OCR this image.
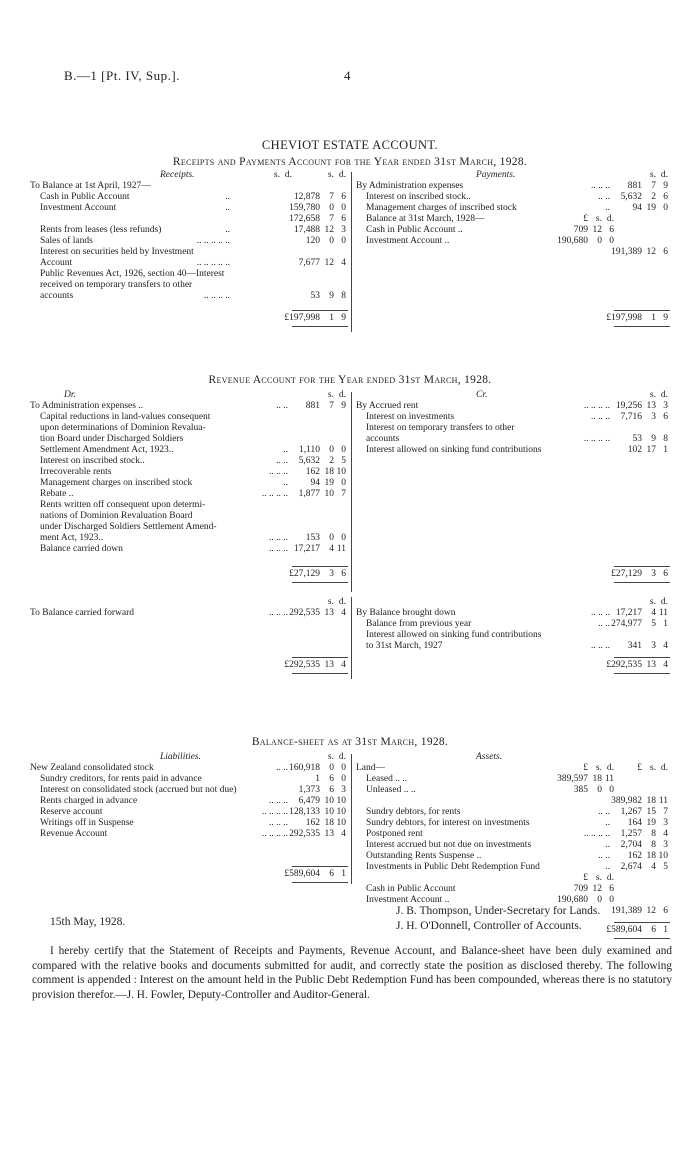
B.—1 [Pt. IV, Sup.].	4
CHEVIOT ESTATE ACCOUNT.
Receipts and Payments Account for the Year ended 31st March, 1928.
Receipts.	s. d.
s. d.
To Balance at 1st April, 1927—
Cash in Public Account	..	12,878 7 6
Investment Account	..	159,780 0 0
172,658 7 6
Rents from leases (less refunds)	..	17,488 12 3
Sales of lands	.. .. .. .. ..	120 0 0
Interest on securities held by Investment
Account	.. .. .. .. ..	7,677 12 4
Public Revenues Act, 1926, section 40—Interest
received on temporary transfers to other
accounts	.. .. .. ..	53 9 8
£197,998 1 9
Payments.	s. d.
By Administration expenses	.. .. .. 881 7 9
Interest on inscribed stock..	.. .. 5,632 2 6
Management charges of inscribed stock	.. 94 19 0
Balance at 31st March, 1928—	£ s. d.
Cash in Public Account ..	709 12 6
Investment Account ..	190,680 0 0
191,389 12 6
£197,998 1 9
Revenue Account for the Year ended 31st March, 1928.
Dr.	s. d.
To Administration expenses ..	.. .. 881 7 9
Capital reductions in land-values consequent
upon determinations of Dominion Revalua-
tion Board under Discharged Soldiers
Settlement Amendment Act, 1923..	.. 1,110 0 0
Interest on inscribed stock..	.. .. 5,632 2 5
Irrecoverable rents	.. .. .. 162 18 10
Management charges on inscribed stock	.. 94 19 0
Rebate ..	.. .. .. .. 1,877 10 7
Rents written off consequent upon determi-
nations of Dominion Revaluation Board
under Discharged Soldiers Settlement Amend-
ment Act, 1923..	.. .. .. 153 0 0
Balance carried down	.. .. .. 17,217 4 11
£27,129 3 6
Cr.	s. d.
By Accrued rent	.. .. .. .. 19,256 13 3
Interest on investments	.. .. .. 7,716 3 6
Interest on temporary transfers to other
accounts	.. .. .. .. 53 9 8
Interest allowed on sinking fund contributions	102 17 1
£27,129 3 6
s. d.
To Balance carried forward	.. .. .. 292,535 13 4
£292,535 13 4
s. d.
By Balance brought down	.. .. .. 17,217 4 11
Balance from previous year	.. .. 274,977 5 1
Interest allowed on sinking fund contributions
to 31st March, 1927	.. .. .. 341 3 4
£292,535 13 4
Balance-sheet as at 31st March, 1928.
Liabilities.	s. d.
New Zealand consolidated stock	.. .. 160,918 0 0
Sundry creditors, for rents paid in advance	1 6 0
Interest on consolidated stock (accrued but not due)	1,373 6 3
Rents charged in advance	.. .. .. 6,479 10 10
Reserve account	.. .. .. .. 128,133 10 10
Writings off in Suspense	.. .. .. 162 18 10
Revenue Account	.. .. .. .. 292,535 13 4
£589,604 6 1
Assets.
Land—	£ s. d. £ s. d.
Leased .. ..	389,597 18 11
Unleased .. ..	385 0 0
389,982 18 11
Sundry debtors, for rents	.. .. 1,267 15 7
Sundry debtors, for interest on investments	.. 164 19 3
Postponed rent	.. .. .. .. 1,257 8 4
Interest accrued but not due on investments	.. 2,704 8 3
Outstanding Rents Suspense ..	.. .. 162 18 10
Investments in Public Debt Redemption Fund	.. 2,674 4 5
£ s. d.
Cash in Public Account	709 12 6
Investment Account ..	190,680 0 0
191,389 12 6
£589,604 6 1
15th May, 1928.
J. B. Thompson, Under-Secretary for Lands.
J. H. O'Donnell, Controller of Accounts.
I hereby certify that the Statement of Receipts and Payments, Revenue Account, and Balance-sheet have been duly examined and compared with the relative books and documents submitted for audit, and correctly state the position as disclosed thereby. The following comment is appended : Interest on the amount held in the Public Debt Redemption Fund has been compounded, whereas there is no statutory provision therefor.—J. H. Fowler, Deputy-Controller and Auditor-General.
